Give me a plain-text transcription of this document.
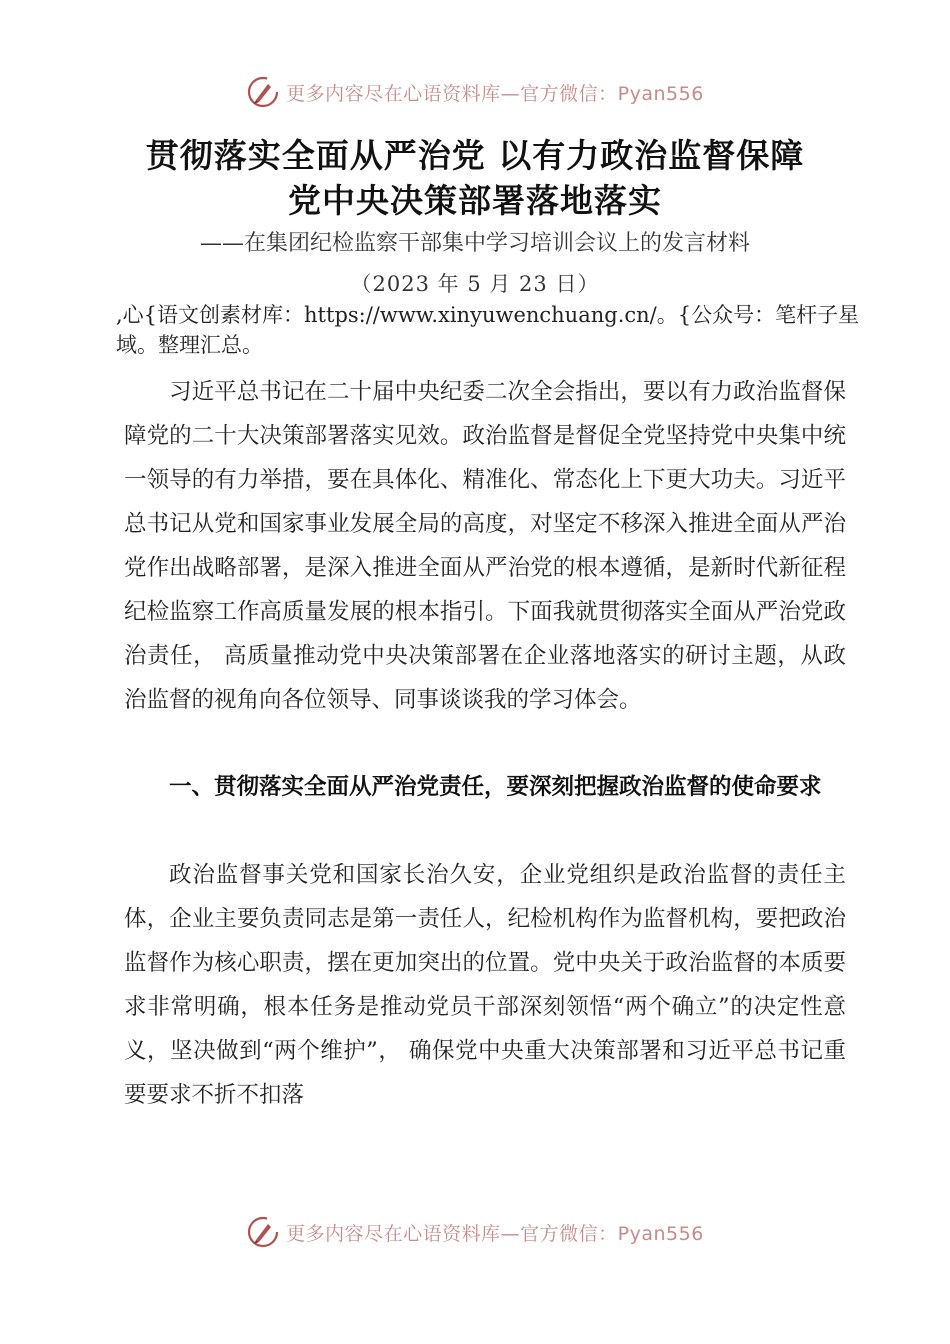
更多内容尽在心语资料库—官方微信：Pyan556
贯彻落实全面从严治党 以有力政治监督保障
党中央决策部署落地落实

——在集团纪检监察干部集中学习培训会议上的发言材料

（2023 年 5 月 23 日）

,心{语文创素材库：https://www.xinyuwenchuang.cn/。{公众号：笔杆子星域。整理汇总。

习近平总书记在二十届中央纪委二次全会指出，要以有力政治监督保障党的二十大决策部署落实见效。政治监督是督促全党坚持党中央集中统一领导的有力举措，要在具体化、精准化、常态化上下更大功夫。习近平总书记从党和国家事业发展全局的高度，对坚定不移深入推进全面从严治党作出战略部署，是深入推进全面从严治党的根本遵循，是新时代新征程纪检监察工作高质量发展的根本指引。下面我就贯彻落实全面从严治党政治责任， 高质量推动党中央决策部署在企业落地落实的研讨主题，从政治监督的视角向各位领导、同事谈谈我的学习体会。

一、贯彻落实全面从严治党责任，要深刻把握政治监督的使命要求

政治监督事关党和国家长治久安，企业党组织是政治监督的责任主体，企业主要负责同志是第一责任人，纪检机构作为监督机构，要把政治监督作为核心职责，摆在更加突出的位置。党中央关于政治监督的本质要求非常明确，根本任务是推动党员干部深刻领悟“两个确立”的决定性意义，坚决做到“两个维护”， 确保党中央重大决策部署和习近平总书记重要要求不折不扣落

更多内容尽在心语资料库—官方微信：Pyan556
